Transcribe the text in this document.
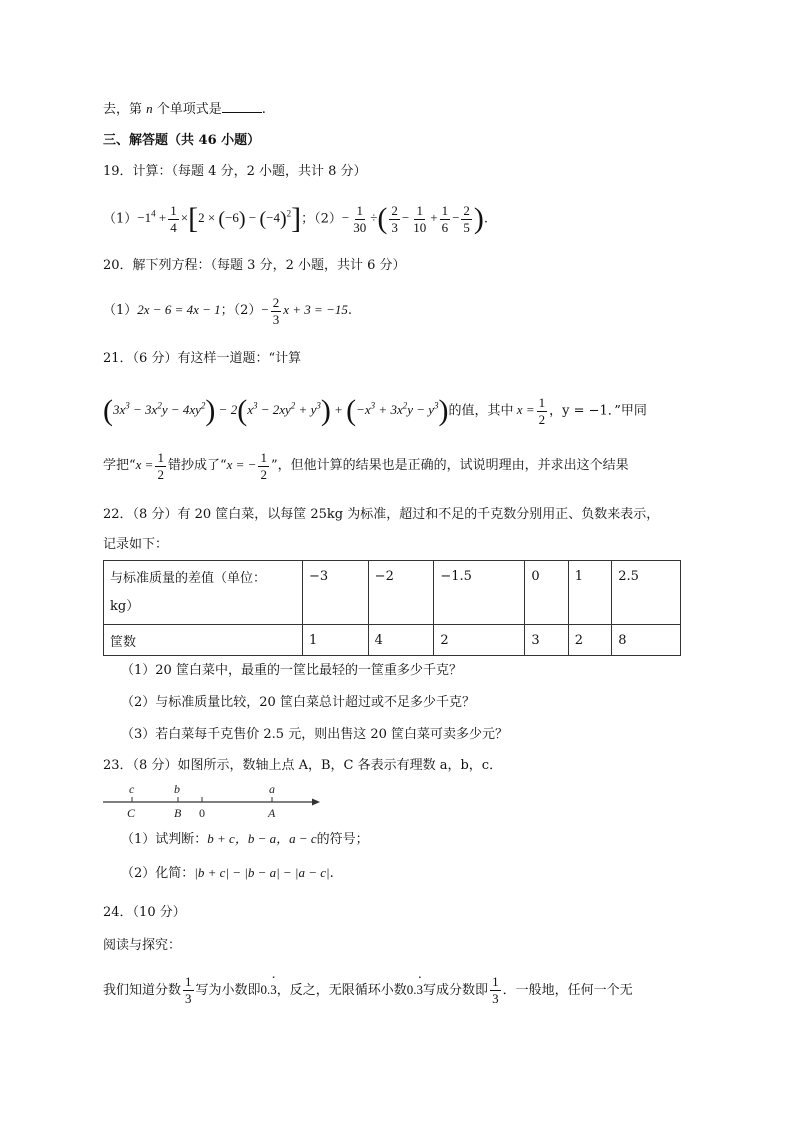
去，第 n 个单项式是	.
三、解答题（共 46 小题）
19．计算：（每题 4 分，2 小题，共计 8 分）
$(1)-1^4 + \frac{1}{4} \times[2 \times (-6) - (-4)^2]$；$(2)- \frac{1}{30}$ ÷( $\frac{2}{3} - \frac{1}{10} + \frac{1}{6} - \frac{2}{5}$ ).
20．解下列方程：（每题 3 分，2 小题，共计 6 分）
（1）2x − 6 = 4x − 1；$(2)- \frac{2}{3}$ x + 3 = −15.
21．（6 分）有这样一道题：“计算
$(3x^3 - 3x^2y - 4xy^2) - 2(x^3 - 2xy^2 + y^3) + (-x^3 + 3x^2y - y^3)$的值，其中 $x = \frac{1}{2}$ ，y = −1．”甲同
学把“$x = \frac{1}{2}$ 错抄成了“x = − $\frac{1}{2}$ ”，但他计算的结果也是正确的，试说明理由，并求出这个结果
22．（8 分）有 20 筐白菜，以每筐 25kg 为标准，超过和不足的千克数分别用正、负数来表示，
记录如下：
与标准质量的差值（单位：
kg）	−3	−2	−1.5	0	1	2.5
筐数	1	4	2	3	2	8
（1）20 筐白菜中，最重的一筐比最轻的一筐重多少千克？
（2）与标准质量比较，20 筐白菜总计超过或不足多少千克？
（3）若白菜每千克售价 2.5 元，则出售这 20 筐白菜可卖多少元？
23．（8 分）如图所示，数轴上点 A，B，C 各表示有理数 a，b，c．
c	b	a
C	B 0	A
（1）试判断：b + c，b − a，a − c的符号；
（2）化简：|b + c| − |b − a| − |a − c|.
24．（10 分）
阅读与探究：
我们知道分数 $\frac{1}{3}$ 写为小数即0.3 ·，反之，无限循环小数0.3 ·写成分数即 $\frac{1}{3}$ ．一般地，任何一个无
